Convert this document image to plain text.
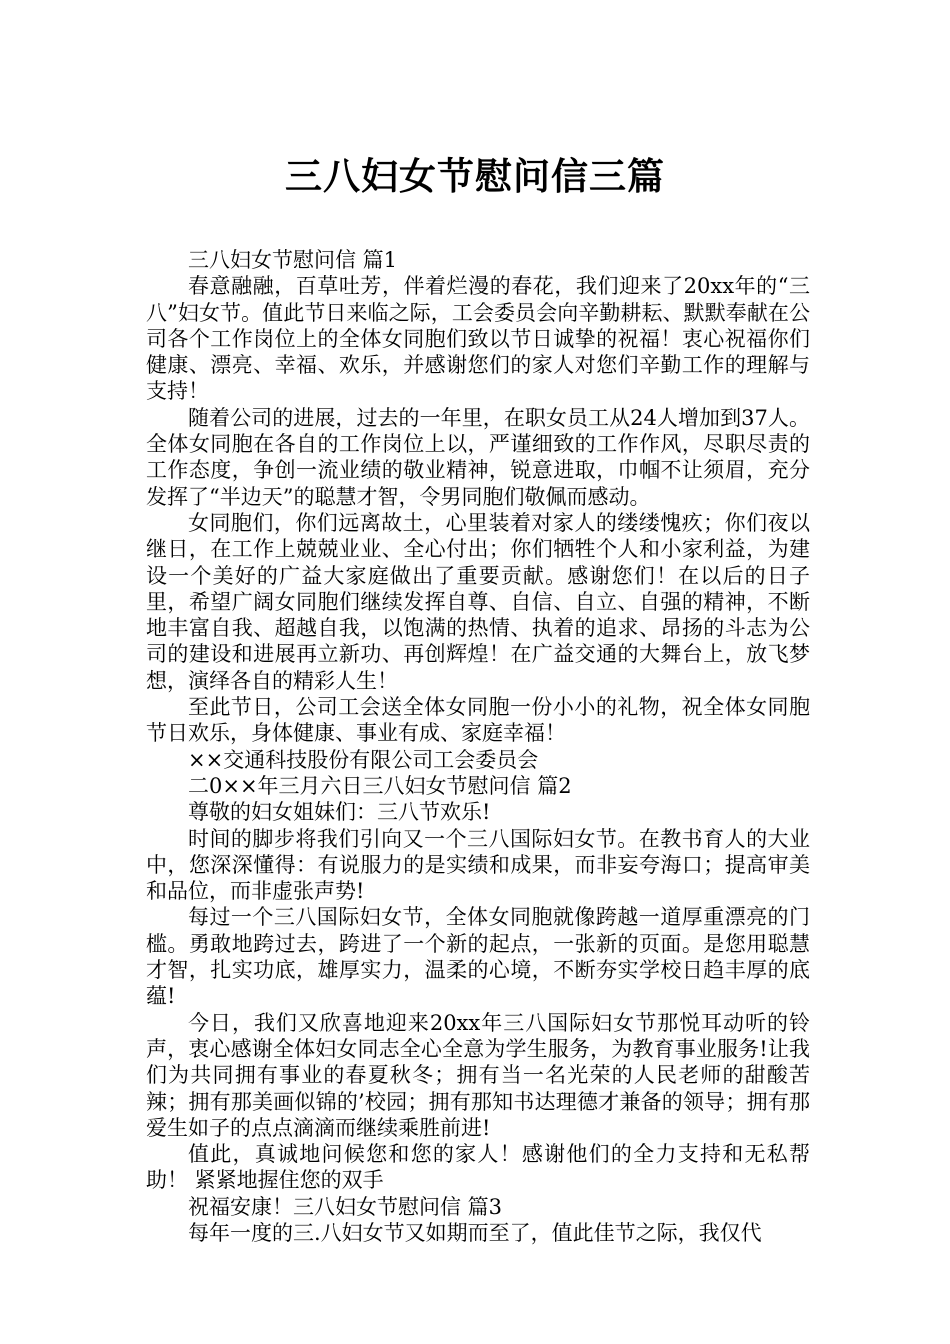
三八妇女节慰问信三篇

三八妇女节慰问信 篇1

春意融融，百草吐芳，伴着烂漫的春花，我们迎来了20xx年的“三八”妇女节。值此节日来临之际，工会委员会向辛勤耕耘、默默奉献在公司各个工作岗位上的全体女同胞们致以节日诚挚的祝福！衷心祝福你们健康、漂亮、幸福、欢乐，并感谢您们的家人对您们辛勤工作的理解与支持！

随着公司的进展，过去的一年里，在职女员工从24人增加到37人。全体女同胞在各自的工作岗位上以，严谨细致的工作作风，尽职尽责的工作态度，争创一流业绩的敬业精神，锐意进取，巾帼不让须眉，充分发挥了“半边天”的聪慧才智，令男同胞们敬佩而感动。

女同胞们，你们远离故土，心里装着对家人的缕缕愧疚；你们夜以继日，在工作上兢兢业业、全心付出；你们牺牲个人和小家利益，为建设一个美好的广益大家庭做出了重要贡献。感谢您们！在以后的日子里，希望广阔女同胞们继续发挥自尊、自信、自立、自强的精神，不断地丰富自我、超越自我，以饱满的热情、执着的追求、昂扬的斗志为公司的建设和进展再立新功、再创辉煌！在广益交通的大舞台上，放飞梦想，演绎各自的精彩人生！

至此节日，公司工会送全体女同胞一份小小的礼物，祝全体女同胞节日欢乐，身体健康、事业有成、家庭幸福！

××交通科技股份有限公司工会委员会

二0××年三月六日三八妇女节慰问信 篇2

尊敬的妇女姐妹们：三八节欢乐!

时间的脚步将我们引向又一个三八国际妇女节。在教书育人的大业中，您深深懂得：有说服力的是实绩和成果，而非妄夸海口；提高审美和品位，而非虚张声势!

每过一个三八国际妇女节，全体女同胞就像跨越一道厚重漂亮的门槛。勇敢地跨过去，跨进了一个新的起点，一张新的页面。是您用聪慧才智，扎实功底，雄厚实力，温柔的心境，不断夯实学校日趋丰厚的底蕴!

今日，我们又欣喜地迎来20xx年三八国际妇女节那悦耳动听的铃声，衷心感谢全体妇女同志全心全意为学生服务，为教育事业服务!让我们为共同拥有事业的春夏秋冬；拥有当一名光荣的人民老师的甜酸苦辣；拥有那美画似锦的’校园；拥有那知书达理德才兼备的领导；拥有那爱生如子的点点滴滴而继续乘胜前进!

值此，真诚地问候您和您的家人！感谢他们的全力支持和无私帮助！ 紧紧地握住您的双手

祝福安康！三八妇女节慰问信 篇3

每年一度的三.八妇女节又如期而至了，值此佳节之际，我仅代
